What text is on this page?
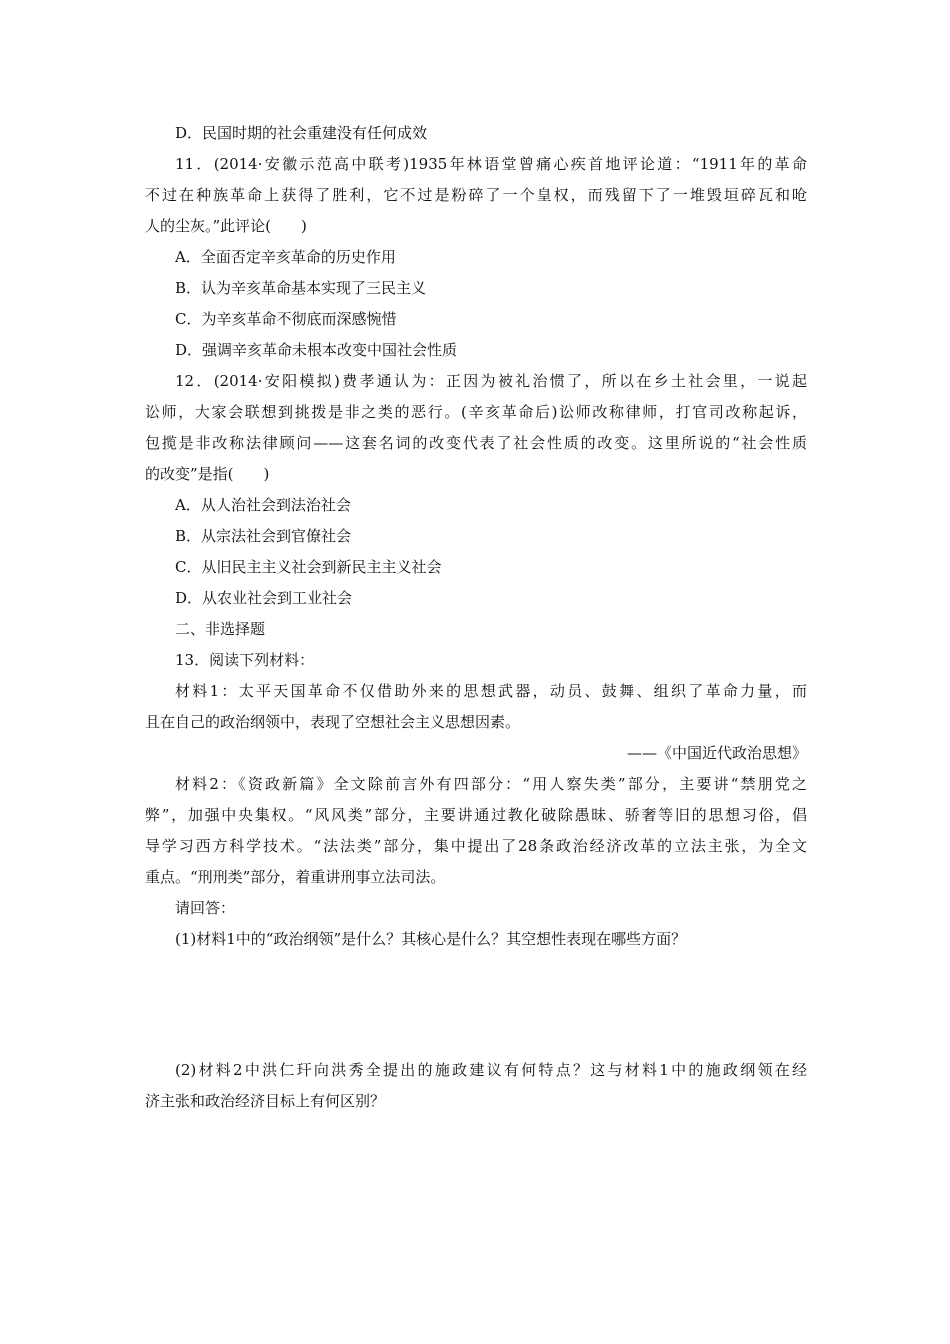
D．民国时期的社会重建没有任何成效
11．(2014·安徽示范高中联考)1935年林语堂曾痛心疾首地评论道：“1911年的革命
不过在种族革命上获得了胜利，它不过是粉碎了一个皇权，而残留下了一堆毁垣碎瓦和呛
人的尘灰。”此评论(　　)
A．全面否定辛亥革命的历史作用
B．认为辛亥革命基本实现了三民主义
C．为辛亥革命不彻底而深感惋惜
D．强调辛亥革命未根本改变中国社会性质
12．(2014·安阳模拟)费孝通认为：正因为被礼治惯了，所以在乡土社会里，一说起
讼师，大家会联想到挑拨是非之类的恶行。(辛亥革命后)讼师改称律师，打官司改称起诉，
包揽是非改称法律顾问——这套名词的改变代表了社会性质的改变。这里所说的“社会性质
的改变”是指(　　)
A．从人治社会到法治社会
B．从宗法社会到官僚社会
C．从旧民主主义社会到新民主主义社会
D．从农业社会到工业社会
二、非选择题
13．阅读下列材料：
材料1：太平天国革命不仅借助外来的思想武器，动员、鼓舞、组织了革命力量，而
且在自己的政治纲领中，表现了空想社会主义思想因素。
——《中国近代政治思想》
材料2：《资政新篇》全文除前言外有四部分：“用人察失类”部分，主要讲“禁朋党之
弊”，加强中央集权。“风风类”部分，主要讲通过教化破除愚昧、骄奢等旧的思想习俗，倡
导学习西方科学技术。“法法类”部分，集中提出了28条政治经济改革的立法主张，为全文
重点。“刑刑类”部分，着重讲刑事立法司法。
请回答：
(1)材料1中的“政治纲领”是什么？其核心是什么？其空想性表现在哪些方面？
(2)材料2中洪仁玕向洪秀全提出的施政建议有何特点？这与材料1中的施政纲领在经
济主张和政治经济目标上有何区别？
